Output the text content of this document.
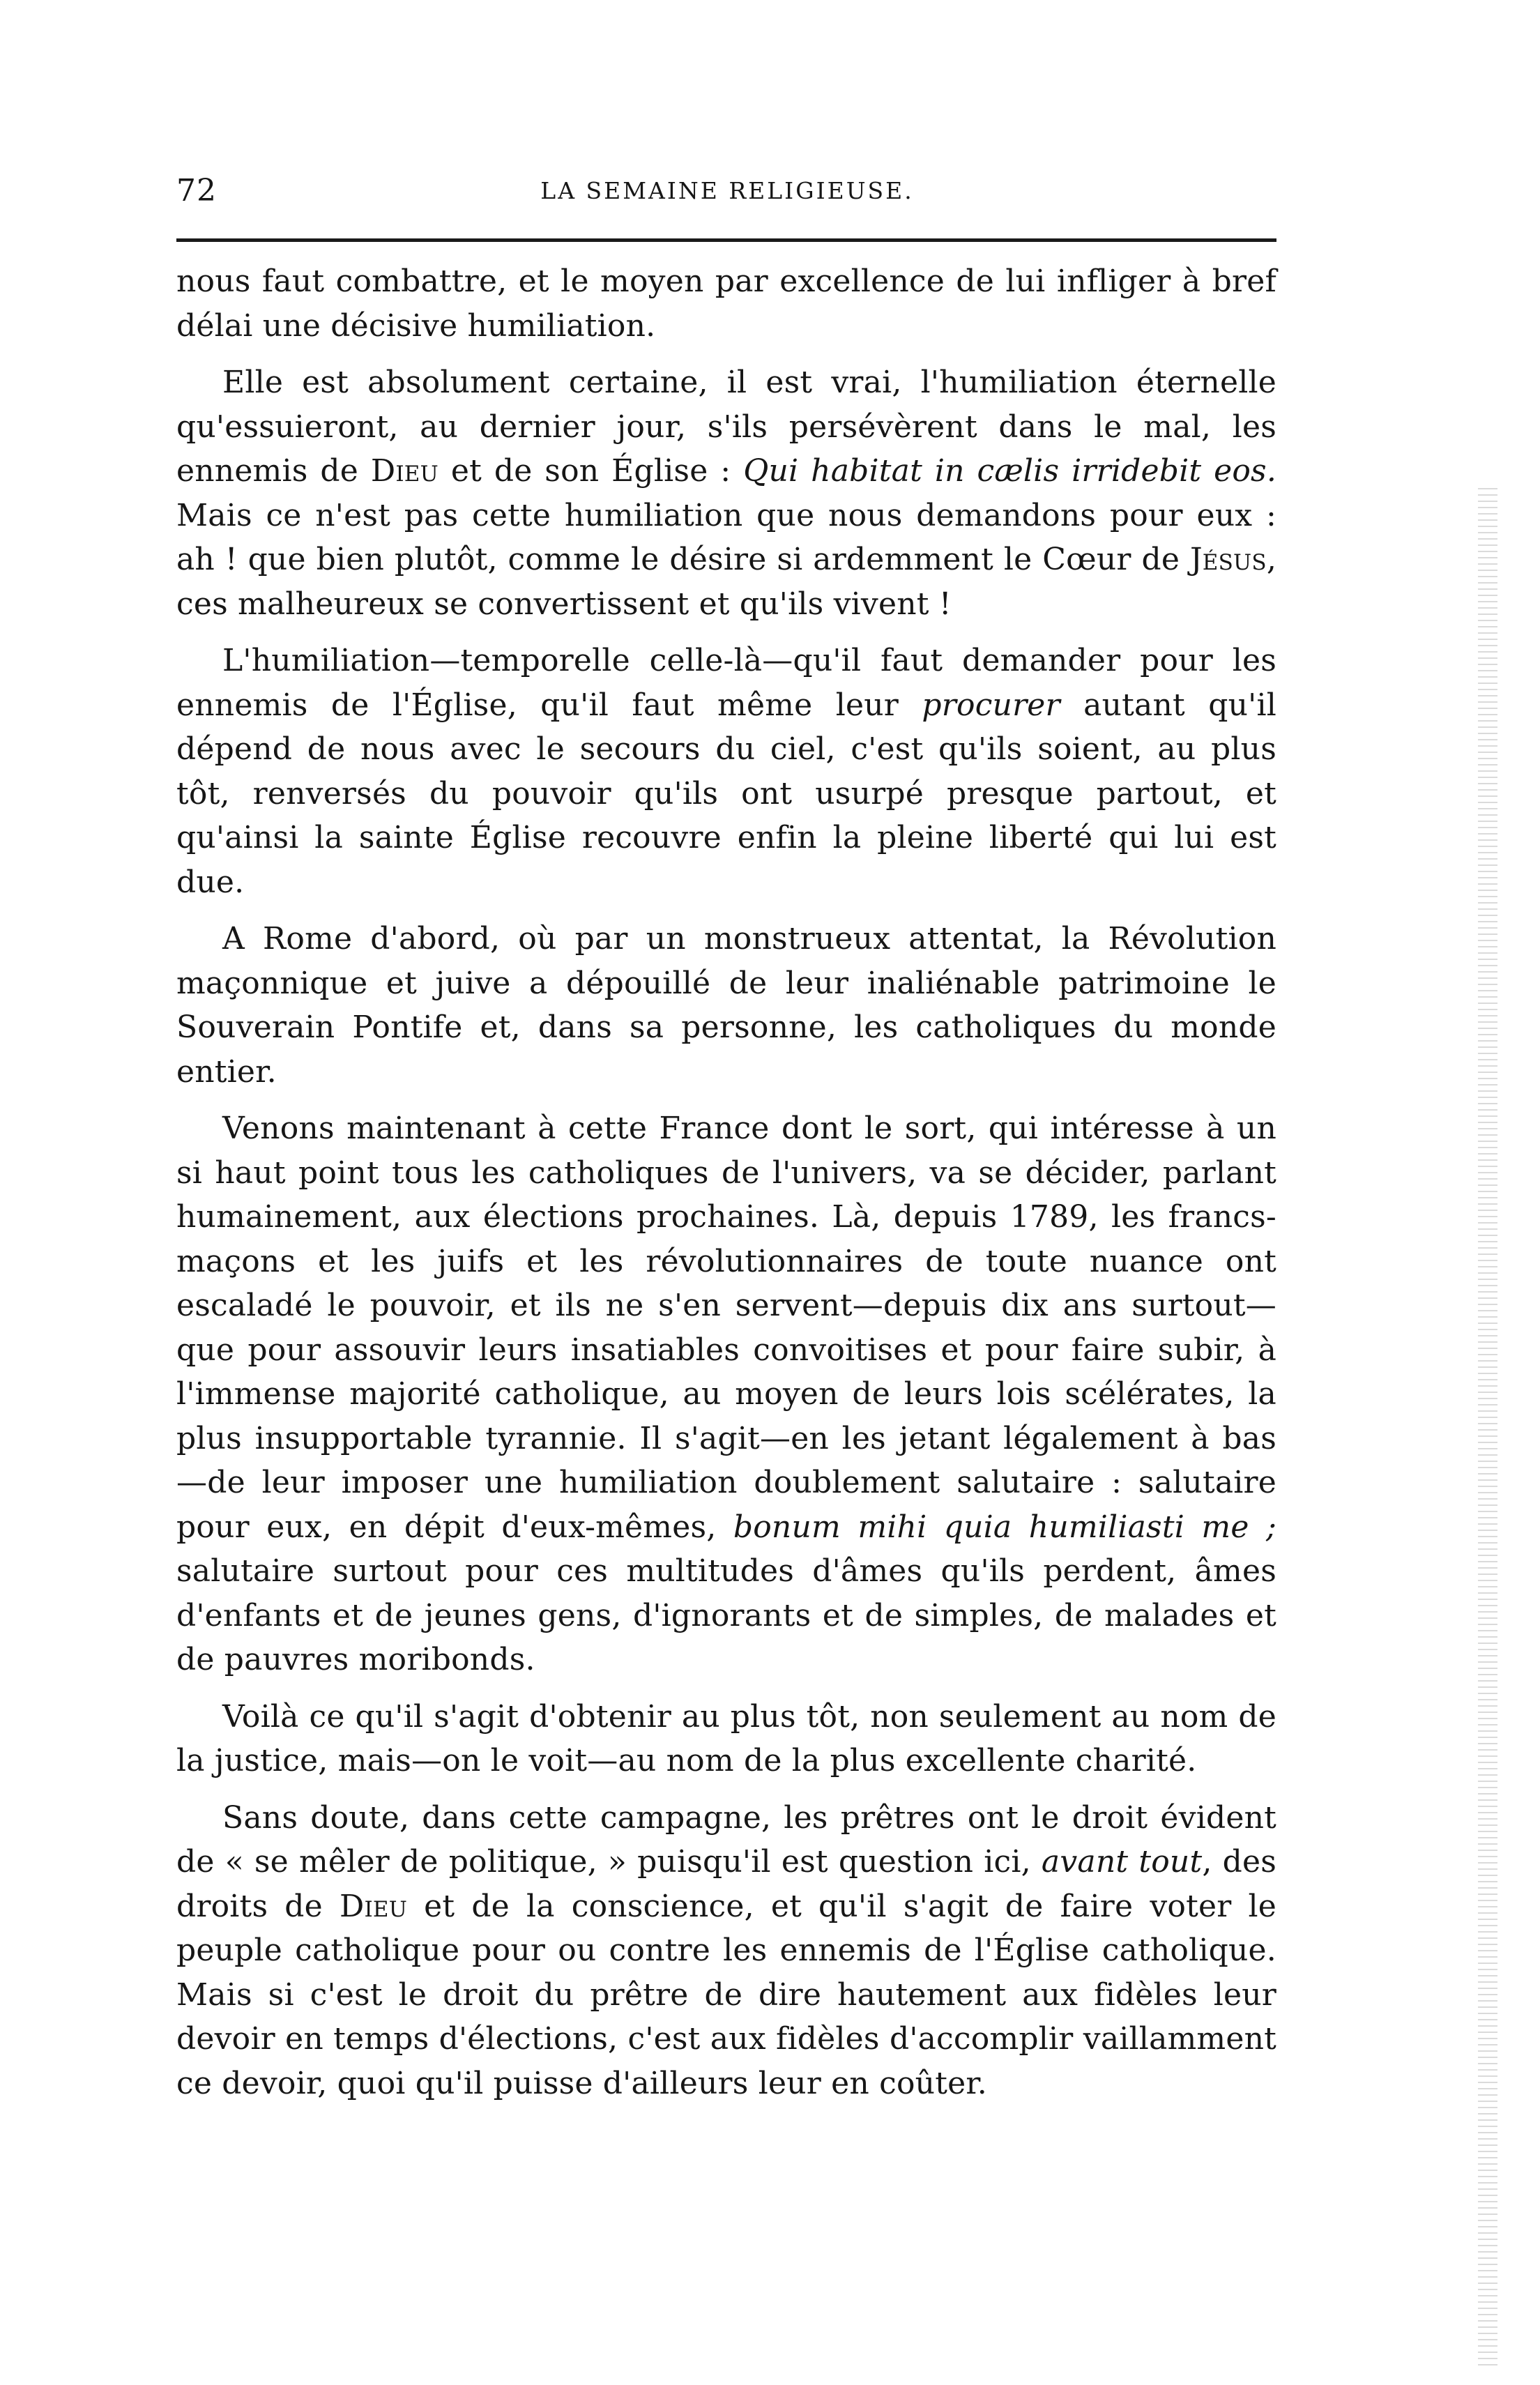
72	LA SEMAINE RELIGIEUSE.

nous faut combattre, et le moyen par excellence de lui infliger à bref délai une décisive humiliation.

Elle est absolument certaine, il est vrai, l'humiliation éternelle qu'essuieront, au dernier jour, s'ils persévèrent dans le mal, les ennemis de Dieu et de son Église : Qui habitat in cælis irridebit eos. Mais ce n'est pas cette humiliation que nous demandons pour eux : ah ! que bien plutôt, comme le désire si ardemment le Cœur de Jésus, ces malheureux se convertissent et qu'ils vivent !

L'humiliation—temporelle celle-là—qu'il faut demander pour les ennemis de l'Église, qu'il faut même leur procurer autant qu'il dépend de nous avec le secours du ciel, c'est qu'ils soient, au plus tôt, renversés du pouvoir qu'ils ont usurpé presque partout, et qu'ainsi la sainte Église recouvre enfin la pleine liberté qui lui est due.

A Rome d'abord, où par un monstrueux attentat, la Révolution maçonnique et juive a dépouillé de leur inaliénable patrimoine le Souverain Pontife et, dans sa personne, les catholiques du monde entier.

Venons maintenant à cette France dont le sort, qui intéresse à un si haut point tous les catholiques de l'univers, va se décider, parlant humainement, aux élections prochaines. Là, depuis 1789, les francs-maçons et les juifs et les révolutionnaires de toute nuance ont escaladé le pouvoir, et ils ne s'en servent—depuis dix ans surtout—que pour assouvir leurs insatiables convoitises et pour faire subir, à l'immense majorité catholique, au moyen de leurs lois scélérates, la plus insupportable tyrannie. Il s'agit—en les jetant légalement à bas—de leur imposer une humiliation doublement salutaire : salutaire pour eux, en dépit d'eux-mêmes, bonum mihi quia humiliasti me ; salutaire surtout pour ces multitudes d'âmes qu'ils perdent, âmes d'enfants et de jeunes gens, d'ignorants et de simples, de malades et de pauvres moribonds.

Voilà ce qu'il s'agit d'obtenir au plus tôt, non seulement au nom de la justice, mais—on le voit—au nom de la plus excellente charité.

Sans doute, dans cette campagne, les prêtres ont le droit évident de « se mêler de politique, » puisqu'il est question ici, avant tout, des droits de Dieu et de la conscience, et qu'il s'agit de faire voter le peuple catholique pour ou contre les ennemis de l'Église catholique. Mais si c'est le droit du prêtre de dire hautement aux fidèles leur devoir en temps d'élections, c'est aux fidèles d'accomplir vaillamment ce devoir, quoi qu'il puisse d'ailleurs leur en coûter.
